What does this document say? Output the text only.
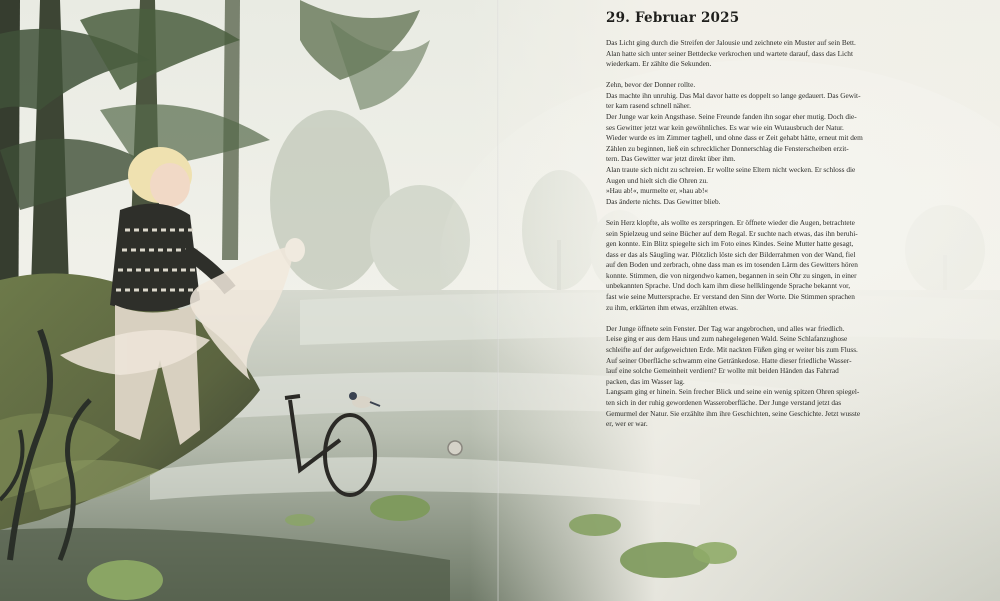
29. Februar 2025

Das Licht ging durch die Streifen der Jalousie und zeichnete ein Muster auf sein Bett.
Alan hatte sich unter seiner Bettdecke verkrochen und wartete darauf, dass das Licht
wiederkam. Er zählte die Sekunden.

Zehn, bevor der Donner rollte.
Das machte ihn unruhig. Das Mal davor hatte es doppelt so lange gedauert. Das Gewit-
ter kam rasend schnell näher.
Der Junge war kein Angsthase. Seine Freunde fanden ihn sogar eher mutig. Doch die-
ses Gewitter jetzt war kein gewöhnliches. Es war wie ein Wutausbruch der Natur.
Wieder wurde es im Zimmer taghell, und ohne dass er Zeit gehabt hätte, erneut mit dem
Zählen zu beginnen, ließ ein schrecklicher Donnerschlag die Fensterscheiben erzit-
tern. Das Gewitter war jetzt direkt über ihm.
Alan traute sich nicht zu schreien. Er wollte seine Eltern nicht wecken. Er schloss die
Augen und hielt sich die Ohren zu.
»Hau ab!«, murmelte er, »hau ab!«
Das änderte nichts. Das Gewitter blieb.

Sein Herz klopfte, als wollte es zerspringen. Er öffnete wieder die Augen, betrachtete
sein Spielzeug und seine Bücher auf dem Regal. Er suchte nach etwas, das ihn beruhi-
gen konnte. Ein Blitz spiegelte sich im Foto eines Kindes. Seine Mutter hatte gesagt,
dass er das als Säugling war. Plötzlich löste sich der Bilderrahmen von der Wand, fiel
auf den Boden und zerbrach, ohne dass man es im tosenden Lärm des Gewitters hören
konnte. Stimmen, die von nirgendwo kamen, begannen in sein Ohr zu singen, in einer
unbekannten Sprache. Und doch kam ihm diese hellklingende Sprache bekannt vor,
fast wie seine Muttersprache. Er verstand den Sinn der Worte. Die Stimmen sprachen
zu ihm, erklärten ihm etwas, erzählten etwas.

Der Junge öffnete sein Fenster. Der Tag war angebrochen, und alles war friedlich.
Leise ging er aus dem Haus und zum nahegelegenen Wald. Seine Schlafanzughose
schleifte auf der aufgeweichten Erde. Mit nackten Füßen ging er weiter bis zum Fluss.
Auf seiner Oberfläche schwamm eine Getränkedose. Hatte dieser friedliche Wasser-
lauf eine solche Gemeinheit verdient? Er wollte mit beiden Händen das Fahrrad
packen, das im Wasser lag.
Langsam ging er hinein. Sein frecher Blick und seine ein wenig spitzen Ohren spiegel-
ten sich in der ruhig gewordenen Wasseroberfläche. Der Junge verstand jetzt das
Gemurmel der Natur. Sie erzählte ihm ihre Geschichten, seine Geschichte. Jetzt wusste
er, wer er war.
